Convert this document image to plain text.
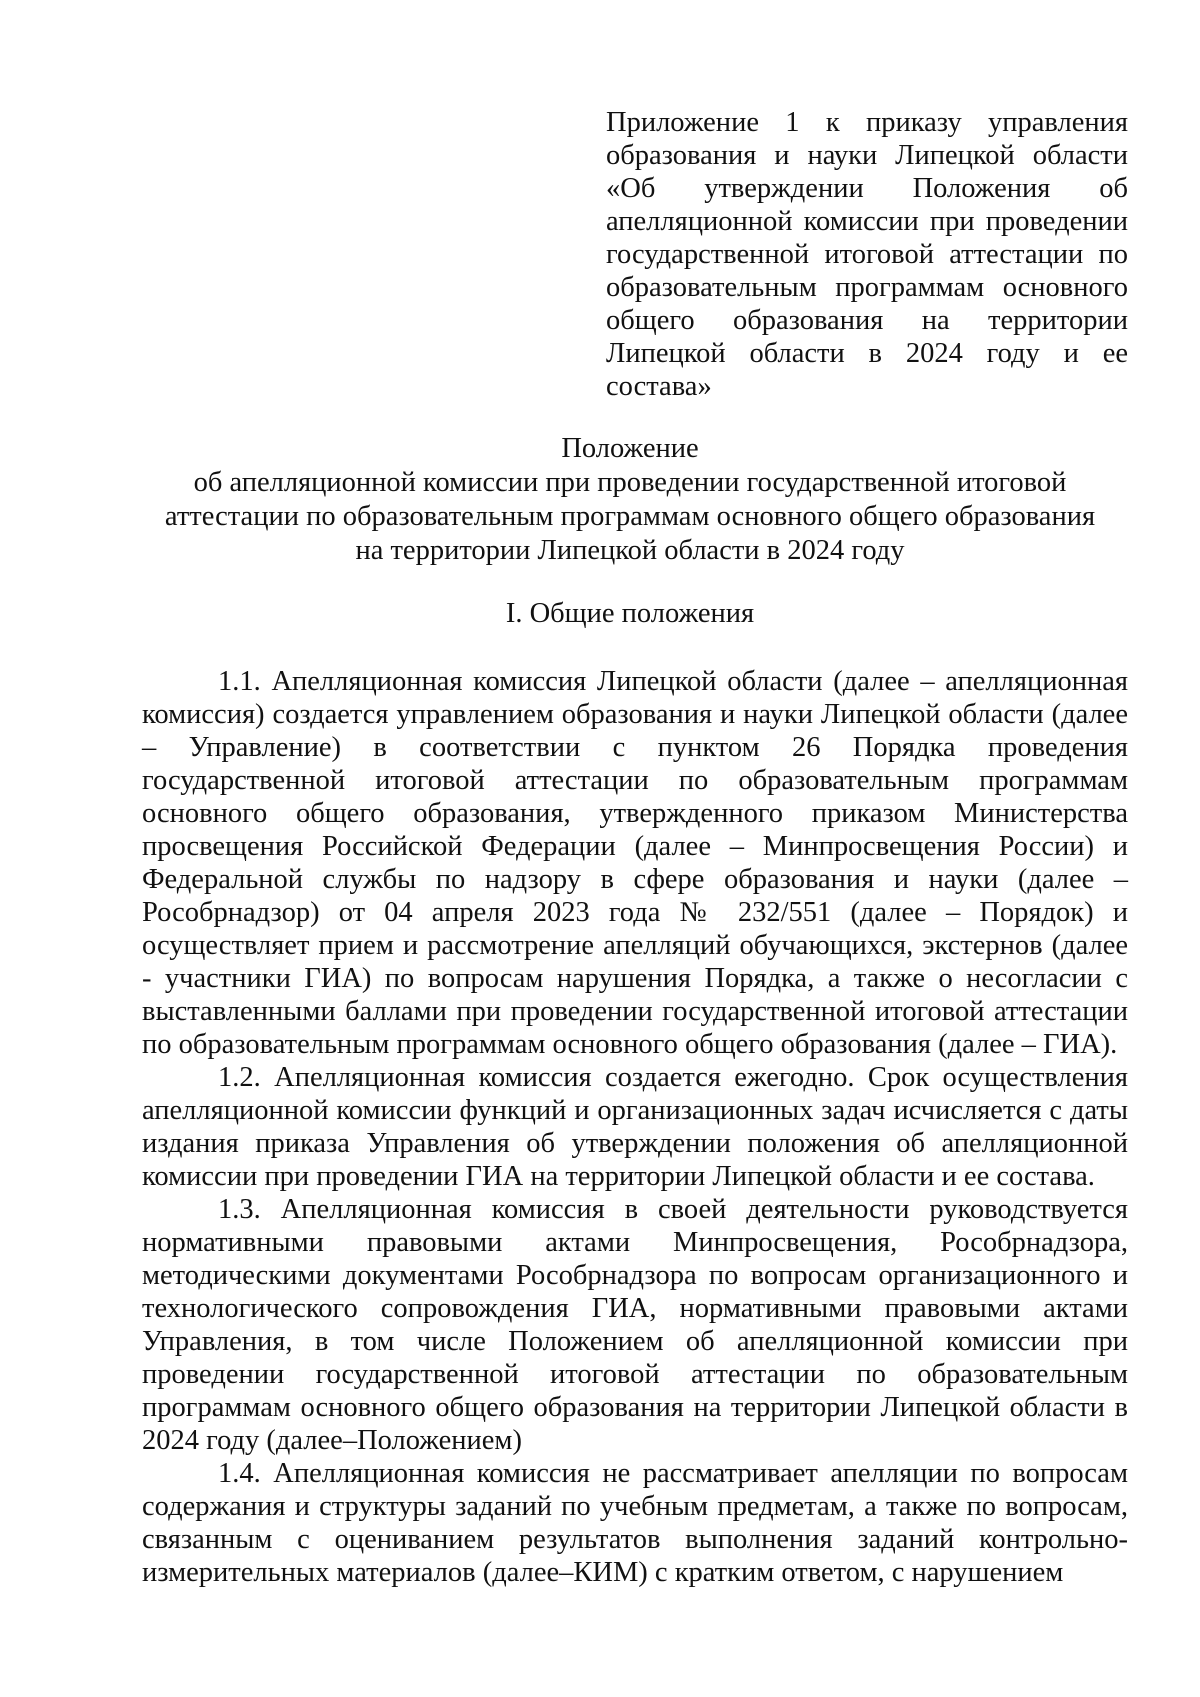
Приложение 1 к приказу управления образования и науки Липецкой области «Об утверждении Положения об апелляционной комиссии при проведении государственной итоговой аттестации по образовательным программам основного общего образования на территории Липецкой области в 2024 году и ее состава»
Положение
об апелляционной комиссии при проведении государственной итоговой
аттестации по образовательным программам основного общего образования
на территории Липецкой области в 2024 году
I. Общие положения

1.1. Апелляционная комиссия Липецкой области (далее – апелляционная комиссия) создается управлением образования и науки Липецкой области (далее – Управление) в соответствии с пунктом 26 Порядка проведения государственной итоговой аттестации по образовательным программам основного общего образования, утвержденного приказом Министерства просвещения Российской Федерации (далее – Минпросвещения России) и Федеральной службы по надзору в сфере образования и науки (далее –Рособрнадзор) от 04 апреля 2023 года № 232/551 (далее – Порядок) и осуществляет прием и рассмотрение апелляций обучающихся, экстернов (далее - участники ГИА) по вопросам нарушения Порядка, а также о несогласии с выставленными баллами при проведении государственной итоговой аттестации по образовательным программам основного общего образования (далее – ГИА).

1.2. Апелляционная комиссия создается ежегодно. Срок осуществления апелляционной комиссии функций и организационных задач исчисляется с даты издания приказа Управления об утверждении положения об апелляционной комиссии при проведении ГИА на территории Липецкой области и ее состава.

1.3. Апелляционная комиссия в своей деятельности руководствуется нормативными правовыми актами Минпросвещения, Рособрнадзора, методическими документами Рособрнадзора по вопросам организационного и технологического сопровождения ГИА, нормативными правовыми актами Управления, в том числе Положением об апелляционной комиссии при проведении государственной итоговой аттестации по образовательным программам основного общего образования на территории Липецкой области в 2024 году (далее–Положением)

1.4. Апелляционная комиссия не рассматривает апелляции по вопросам содержания и структуры заданий по учебным предметам, а также по вопросам, связанным с оцениванием результатов выполнения заданий контрольно-измерительных материалов (далее–КИМ) с кратким ответом, с нарушением
